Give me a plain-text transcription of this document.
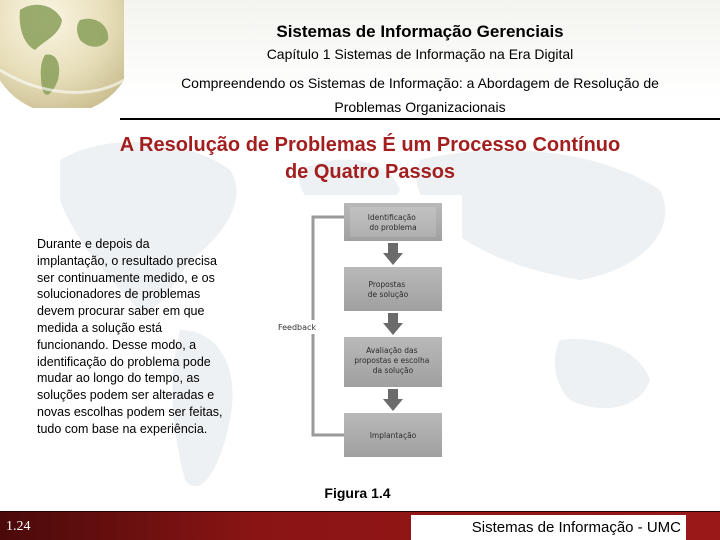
Sistemas de Informação Gerenciais
Capítulo 1 Sistemas de Informação na Era Digital
Compreendendo os Sistemas de Informação: a Abordagem de Resolução de
Problemas Organizacionais
A Resolução de Problemas É um Processo Contínuo
de Quatro Passos
Durante e depois da
implantação, o resultado precisa
ser continuamente medido, e os
solucionadores de problemas
devem procurar saber em que
medida a solução está
funcionando. Desse modo, a
identificação do problema pode
mudar ao longo do tempo, as
soluções podem ser alteradas e
novas escolhas podem ser feitas,
tudo com base na experiência.
Feedback
Identificação do problema
Propostas de solução
Avaliação das propostas e escolha da solução
Implantação
Figura 1.4
1.24	Sistemas de Informação - UMC
